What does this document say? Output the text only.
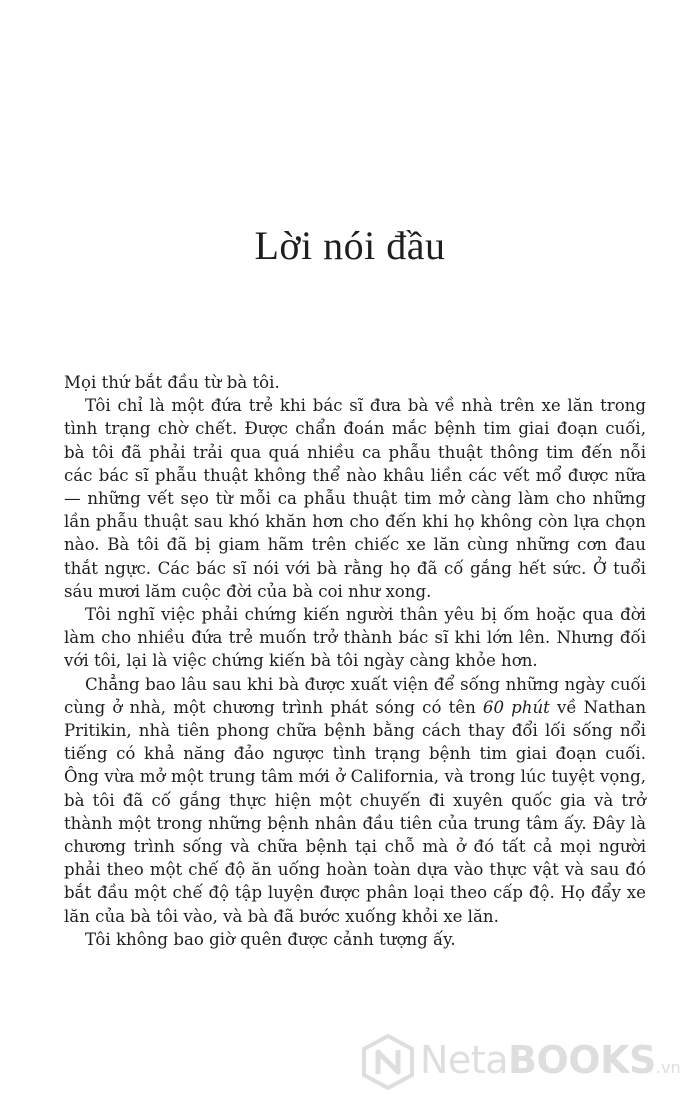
Lời nói đầu

Mọi thứ bắt đầu từ bà tôi.

Tôi chỉ là một đứa trẻ khi bác sĩ đưa bà về nhà trên xe lăn trong tình trạng chờ chết. Được chẩn đoán mắc bệnh tim giai đoạn cuối, bà tôi đã phải trải qua quá nhiều ca phẫu thuật thông tim đến nỗi các bác sĩ phẫu thuật không thể nào khâu liền các vết mổ được nữa — những vết sẹo từ mỗi ca phẫu thuật tim mở càng làm cho những lần phẫu thuật sau khó khăn hơn cho đến khi họ không còn lựa chọn nào. Bà tôi đã bị giam hãm trên chiếc xe lăn cùng những cơn đau thắt ngực. Các bác sĩ nói với bà rằng họ đã cố gắng hết sức. Ở tuổi sáu mươi lăm cuộc đời của bà coi như xong.

Tôi nghĩ việc phải chứng kiến người thân yêu bị ốm hoặc qua đời làm cho nhiều đứa trẻ muốn trở thành bác sĩ khi lớn lên. Nhưng đối với tôi, lại là việc chứng kiến bà tôi ngày càng khỏe hơn.

Chẳng bao lâu sau khi bà được xuất viện để sống những ngày cuối cùng ở nhà, một chương trình phát sóng có tên 60 phút về Nathan Pritikin, nhà tiên phong chữa bệnh bằng cách thay đổi lối sống nổi tiếng có khả năng đảo ngược tình trạng bệnh tim giai đoạn cuối. Ông vừa mở một trung tâm mới ở California, và trong lúc tuyệt vọng, bà tôi đã cố gắng thực hiện một chuyến đi xuyên quốc gia và trở thành một trong những bệnh nhân đầu tiên của trung tâm ấy. Đây là chương trình sống và chữa bệnh tại chỗ mà ở đó tất cả mọi người phải theo một chế độ ăn uống hoàn toàn dựa vào thực vật và sau đó bắt đầu một chế độ tập luyện được phân loại theo cấp độ. Họ đẩy xe lăn của bà tôi vào, và bà đã bước xuống khỏi xe lăn.

Tôi không bao giờ quên được cảnh tượng ấy.

NetaBOOKS.vn
